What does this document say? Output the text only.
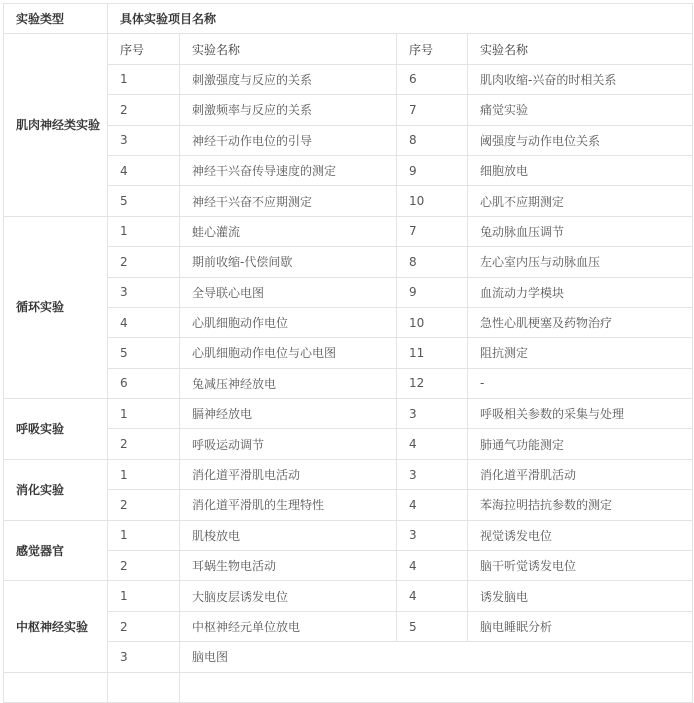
实验类型	具体实验项目名称			
肌肉神经类实验	序号	实验名称	序号	实验名称
	1	刺激强度与反应的关系	6	肌肉收缩-兴奋的时相关系
	2	刺激频率与反应的关系	7	痛觉实验
	3	神经干动作电位的引导	8	阈强度与动作电位关系
	4	神经干兴奋传导速度的测定	9	细胞放电
	5	神经干兴奋不应期测定	10	心肌不应期测定
循环实验	1	蛙心灌流	7	兔动脉血压调节
	2	期前收缩-代偿间歇	8	左心室内压与动脉血压
	3	全导联心电图	9	血流动力学模块
	4	心肌细胞动作电位	10	急性心肌梗塞及药物治疗
	5	心肌细胞动作电位与心电图	11	阻抗测定
	6	兔减压神经放电	12	-
呼吸实验	1	膈神经放电	3	呼吸相关参数的采集与处理
	2	呼吸运动调节	4	肺通气功能测定
消化实验	1	消化道平滑肌电活动	3	消化道平滑肌活动
	2	消化道平滑肌的生理特性	4	苯海拉明拮抗参数的测定
感觉器官	1	肌梭放电	3	视觉诱发电位
	2	耳蜗生物电活动	4	脑干听觉诱发电位
中枢神经实验	1	大脑皮层诱发电位	4	诱发脑电
	2	中枢神经元单位放电	5	脑电睡眠分析
	3	脑电图		
